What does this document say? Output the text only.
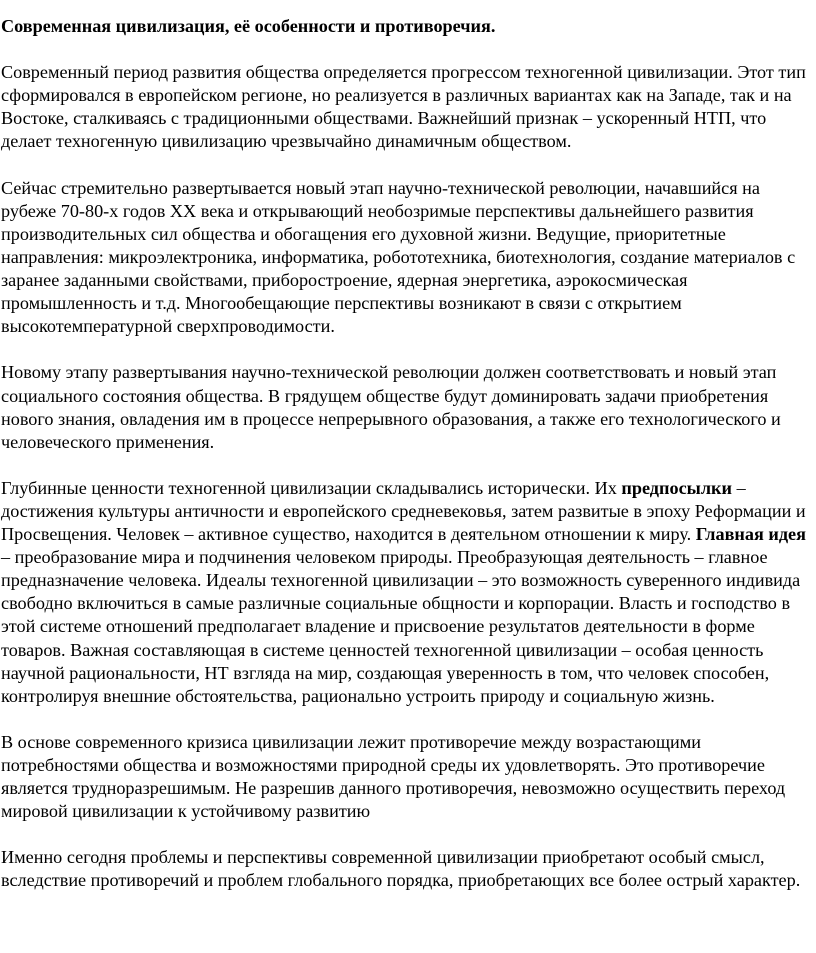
Современная цивилизация, её особенности и противоречия.
Современный период развития общества определяется прогрессом техногенной цивилизации. Этот тип сформировался в европейском регионе, но реализуется в различных вариантах как на Западе, так и на Востоке, сталкиваясь с традиционными обществами. Важнейший признак – ускоренный НТП, что делает техногенную цивилизацию чрезвычайно динамичным обществом.
Сейчас стремительно развертывается новый этап научно-технической революции, начавшийся на рубеже 70-80-х годов XX века и открывающий необозримые перспективы дальнейшего развития производительных сил общества и обогащения его духовной жизни. Ведущие, приоритетные направления: микроэлектроника, информатика, робототехника, биотехнология, создание материалов с заранее заданными свойствами, приборостроение, ядерная энергетика, аэрокосмическая промышленность и т.д. Многообещающие перспективы возникают в связи с открытием высокотемпературной сверхпроводимости.
Новому этапу развертывания научно-технической революции должен соответствовать и новый этап социального состояния общества. В грядущем обществе будут доминировать задачи приобретения нового знания, овладения им в процессе непрерывного образования, а также его технологического и человеческого применения.
Глубинные ценности техногенной цивилизации складывались исторически. Их предпосылки – достижения культуры античности и европейского средневековья, затем развитые в эпоху Реформации и Просвещения. Человек – активное существо, находится в деятельном отношении к миру. Главная идея – преобразование мира и подчинения человеком природы. Преобразующая деятельность – главное предназначение человека. Идеалы техногенной цивилизации – это возможность суверенного индивида свободно включиться в самые различные социальные общности и корпорации. Власть и господство в этой системе отношений предполагает владение и присвоение результатов деятельности в форме товаров. Важная составляющая в системе ценностей техногенной цивилизации – особая ценность научной рациональности, НТ взгляда на мир, создающая уверенность в том, что человек способен, контролируя внешние обстоятельства, рационально устроить природу и социальную жизнь.
В основе современного кризиса цивилизации лежит противоречие между возрастающими потребностями общества и возможностями природной среды их удовлетворять. Это противоречие является трудноразрешимым. Не разрешив данного противоречия, невозможно осуществить переход мировой цивилизации к устойчивому развитию
Именно сегодня проблемы и перспективы современной цивилизации приобретают особый смысл, вследствие противоречий и проблем глобального порядка, приобретающих все более острый характер.
